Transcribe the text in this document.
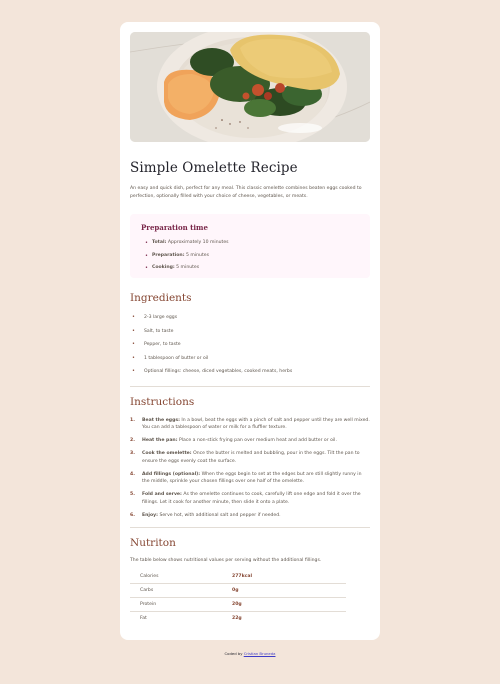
Simple Omelette Recipe

An easy and quick dish, perfect for any meal. This classic omelette combines beaten eggs cooked to perfection, optionally filled with your choice of cheese, vegetables, or meats.

Preparation time
• Total: Approximately 10 minutes
• Preparation: 5 minutes
• Cooking: 5 minutes
Ingredients
• 2-3 large eggs
• Salt, to taste
• Pepper, to taste
• 1 tablespoon of butter or oil
• Optional fillings: cheese, diced vegetables, cooked meats, herbs
Instructions
1. Beat the eggs: In a bowl, beat the eggs with a pinch of salt and pepper until they are well mixed. You can add a tablespoon of water or milk for a fluffier texture.
2. Heat the pan: Place a non-stick frying pan over medium heat and add butter or oil.
3. Cook the omelette: Once the butter is melted and bubbling, pour in the eggs. Tilt the pan to ensure the eggs evenly coat the surface.
4. Add fillings (optional): When the eggs begin to set at the edges but are still slightly runny in the middle, sprinkle your chosen fillings over one half of the omelette.
5. Fold and serve: As the omelette continues to cook, carefully lift one edge and fold it over the fillings. Let it cook for another minute, then slide it onto a plate.
6. Enjoy: Serve hot, with additional salt and pepper if needed.
Nutriton

The table below shows nutritional values per serving without the additional fillings.

Calories	277kcal
Carbs	0g
Protein	20g
Fat	22g
Coded by Cristian Bruneda
